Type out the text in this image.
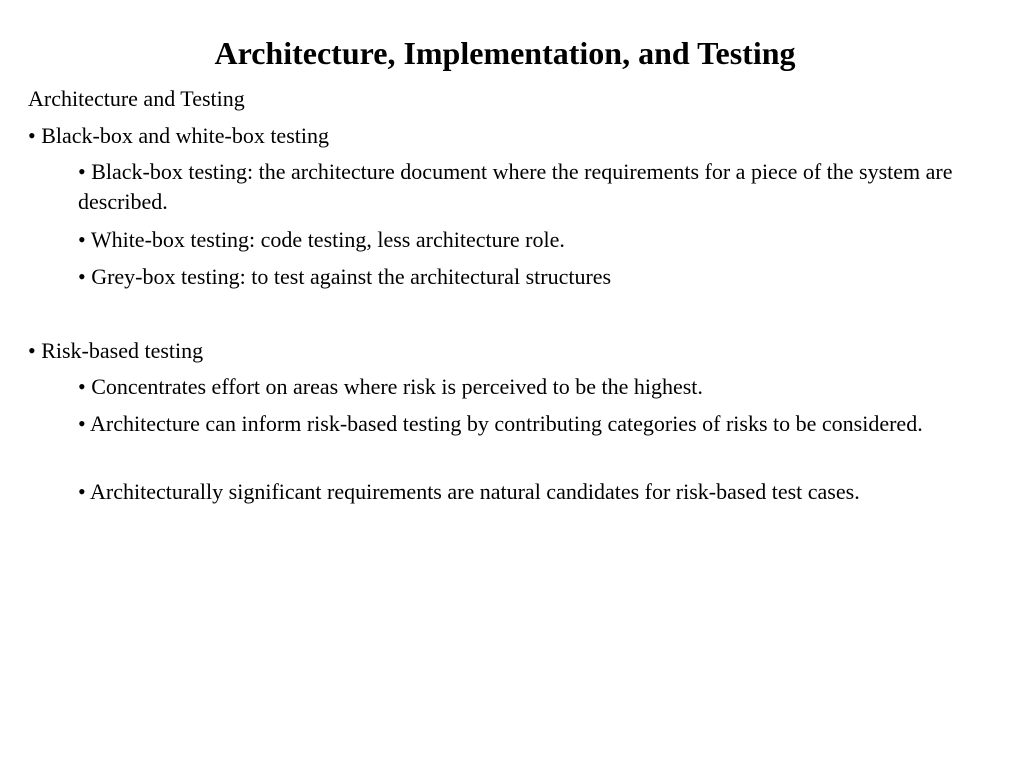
Architecture, Implementation, and Testing

Architecture and Testing

• Black-box and white-box testing

• Black-box testing: the architecture document where the requirements for a piece of the system are described.

• White-box testing: code testing, less architecture role.

• Grey-box testing: to test against the architectural structures

• Risk-based testing

• Concentrates effort on areas where risk is perceived to be the highest.

• Architecture can inform risk-based testing by contributing categories of risks to be considered.

• Architecturally significant requirements are natural candidates for risk-based test cases.
